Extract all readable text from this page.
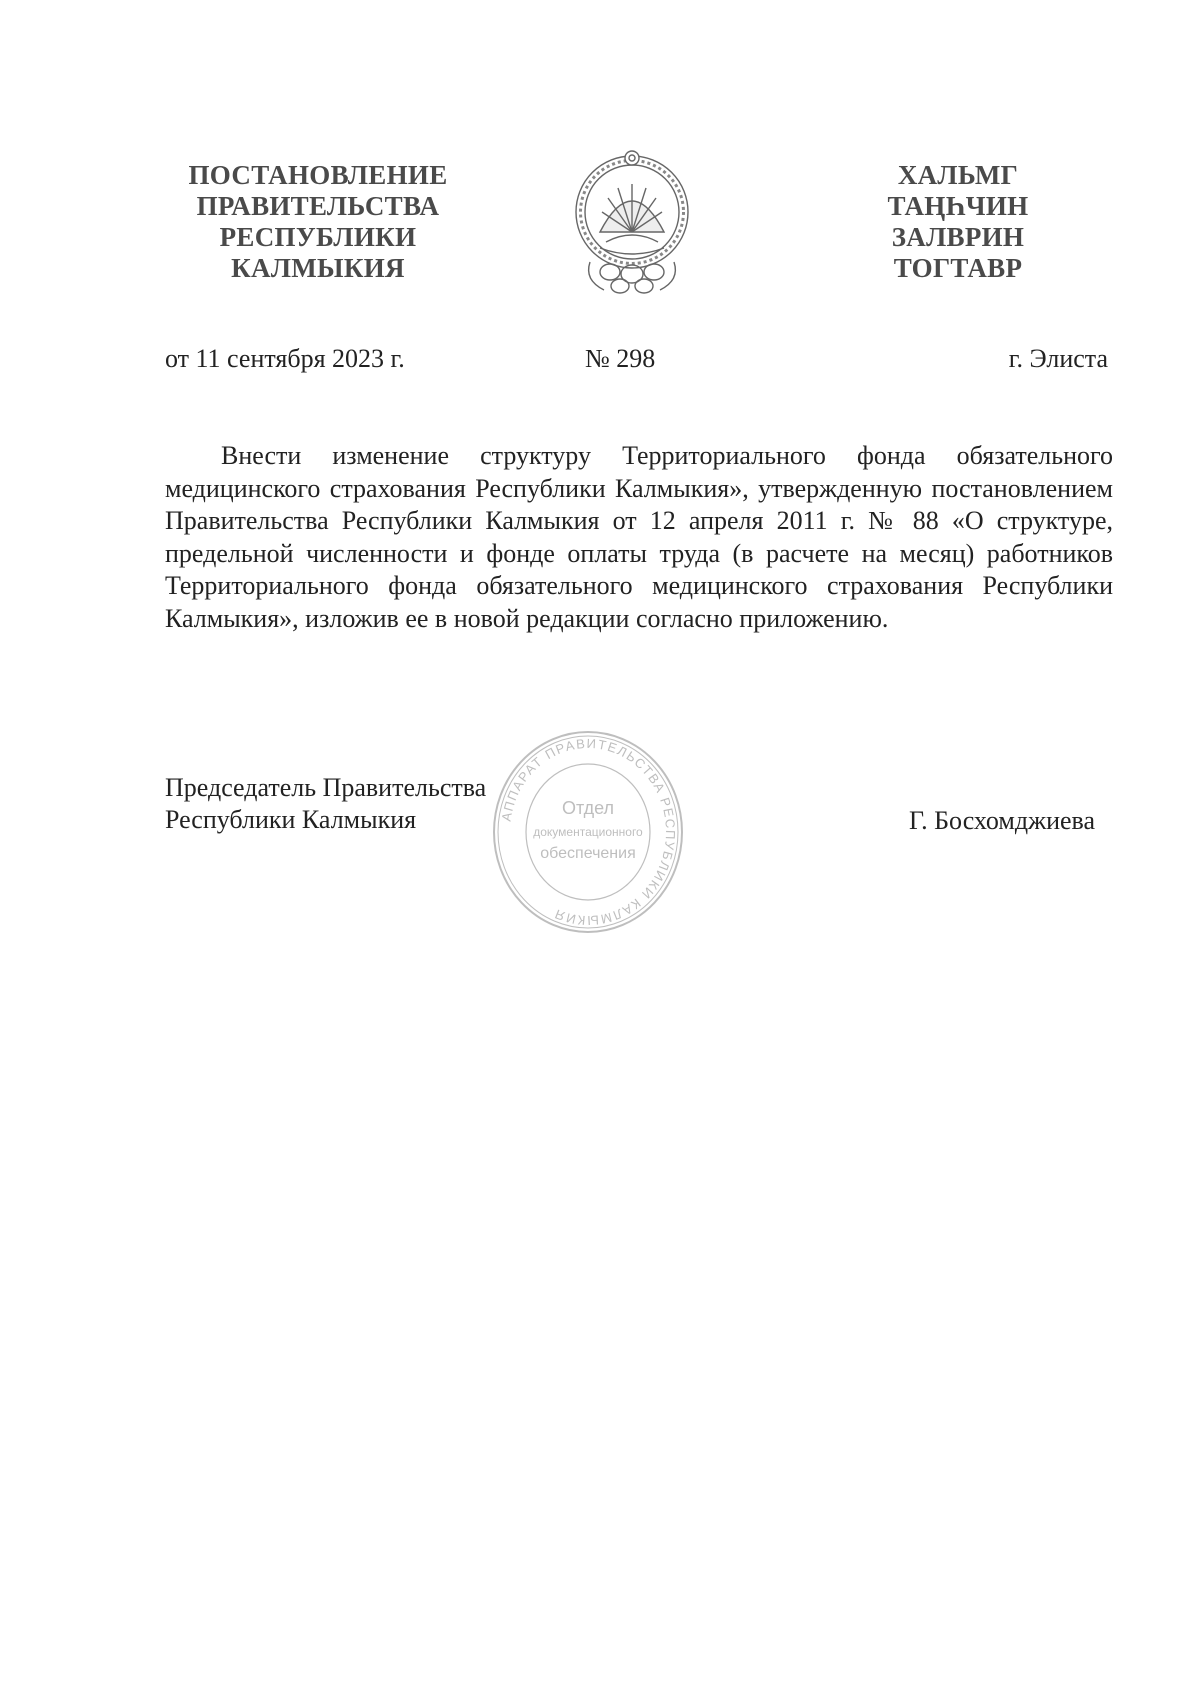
ПОСТАНОВЛЕНИЕ
ПРАВИТЕЛЬСТВА
РЕСПУБЛИКИ
КАЛМЫКИЯ
ХАЛЬМГ
ТАҢҺЧИН
ЗАЛВРИН
ТОГТАВР
от 11 сентября 2023 г.	№ 298	г. Элиста

Внести изменение структуру Территориального фонда обязательного медицинского страхования Республики Калмыкия», утвержденную постановлением Правительства Республики Калмыкия от 12 апреля 2011 г. № 88 «О структуре, предельной численности и фонде оплаты труда (в расчете на месяц) работников Территориального фонда обязательного медицинского страхования Республики Калмыкия», изложив ее в новой редакции согласно приложению.

Председатель Правительства
Республики Калмыкия	Г. Босхомджиева
АППАРАТ ПРАВИТЕЛЬСТВА РЕСПУБЛИКИ КАЛМЫКИЯ
Отдел
документационного
обеспечения
